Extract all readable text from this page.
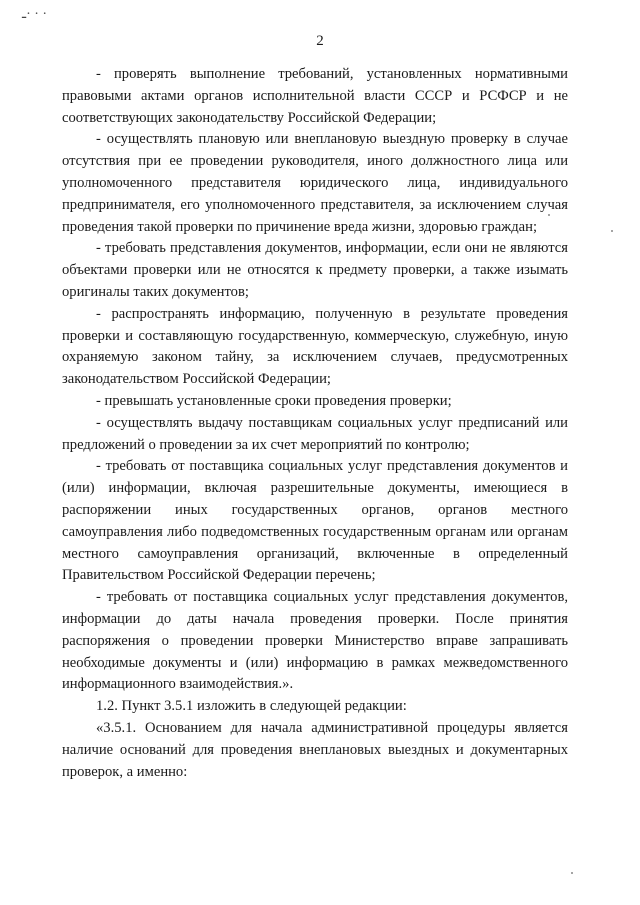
ـ· · ·
2

- проверять выполнение требований, установленных нормативными правовыми актами органов исполнительной власти СССР и РСФСР и не соответствующих законодательству Российской Федерации;

- осуществлять плановую или внеплановую выездную проверку в случае отсутствия при ее проведении руководителя, иного должностного лица или уполномоченного представителя юридического лица, индивидуального предпринимателя, его уполномоченного представителя, за исключением случая проведения такой проверки по причинение вреда жизни, здоровью граждан;

- требовать представления документов, информации, если они не являются объектами проверки или не относятся к предмету проверки, а также изымать оригиналы таких документов;

- распространять информацию, полученную в результате проведения проверки и составляющую государственную, коммерческую, служебную, иную охраняемую законом тайну, за исключением случаев, предусмотренных законодательством Российской Федерации;

- превышать установленные сроки проведения проверки;

- осуществлять выдачу поставщикам социальных услуг предписаний или предложений о проведении за их счет мероприятий по контролю;

- требовать от поставщика социальных услуг представления документов и (или) информации, включая разрешительные документы, имеющиеся в распоряжении иных государственных органов, органов местного самоуправления либо подведомственных государственным органам или органам местного самоуправления организаций, включенные в определенный Правительством Российской Федерации перечень;

- требовать от поставщика социальных услуг представления документов, информации до даты начала проведения проверки. После принятия распоряжения о проведении проверки Министерство вправе запрашивать необходимые документы и (или) информацию в рамках межведомственного информационного взаимодействия.».

1.2. Пункт 3.5.1 изложить в следующей редакции:

«3.5.1. Основанием для начала административной процедуры является наличие оснований для проведения внеплановых выездных и документарных проверок, а именно:
